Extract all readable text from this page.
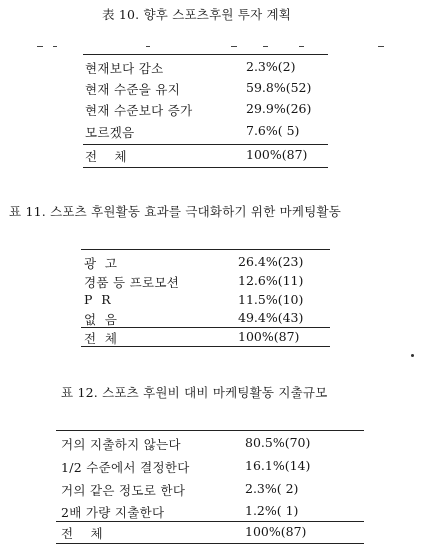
表 10. 향후 스포츠후원 투자 계획
현재보다 감소	2.3%(2)
현재 수준을 유지	59.8%(52)
현재 수준보다 증가	29.9%(26)
모르겠음	7.6%( 5)
전    체	100%(87)
표 11. 스포츠 후원활동 효과를 극대화하기 위한 마케팅활동
광  고	26.4%(23)
경품 등 프로모션	12.6%(11)
P  R	11.5%(10)
없  음	49.4%(43)
전  체	100%(87)
표 12. 스포츠 후원비 대비 마케팅활동 지출규모
거의 지출하지 않는다	80.5%(70)
1/2 수준에서 결정한다	16.1%(14)
거의 같은 정도로 한다	2.3%( 2)
2배 가량 지출한다	1.2%( 1)
전    체	100%(87)
